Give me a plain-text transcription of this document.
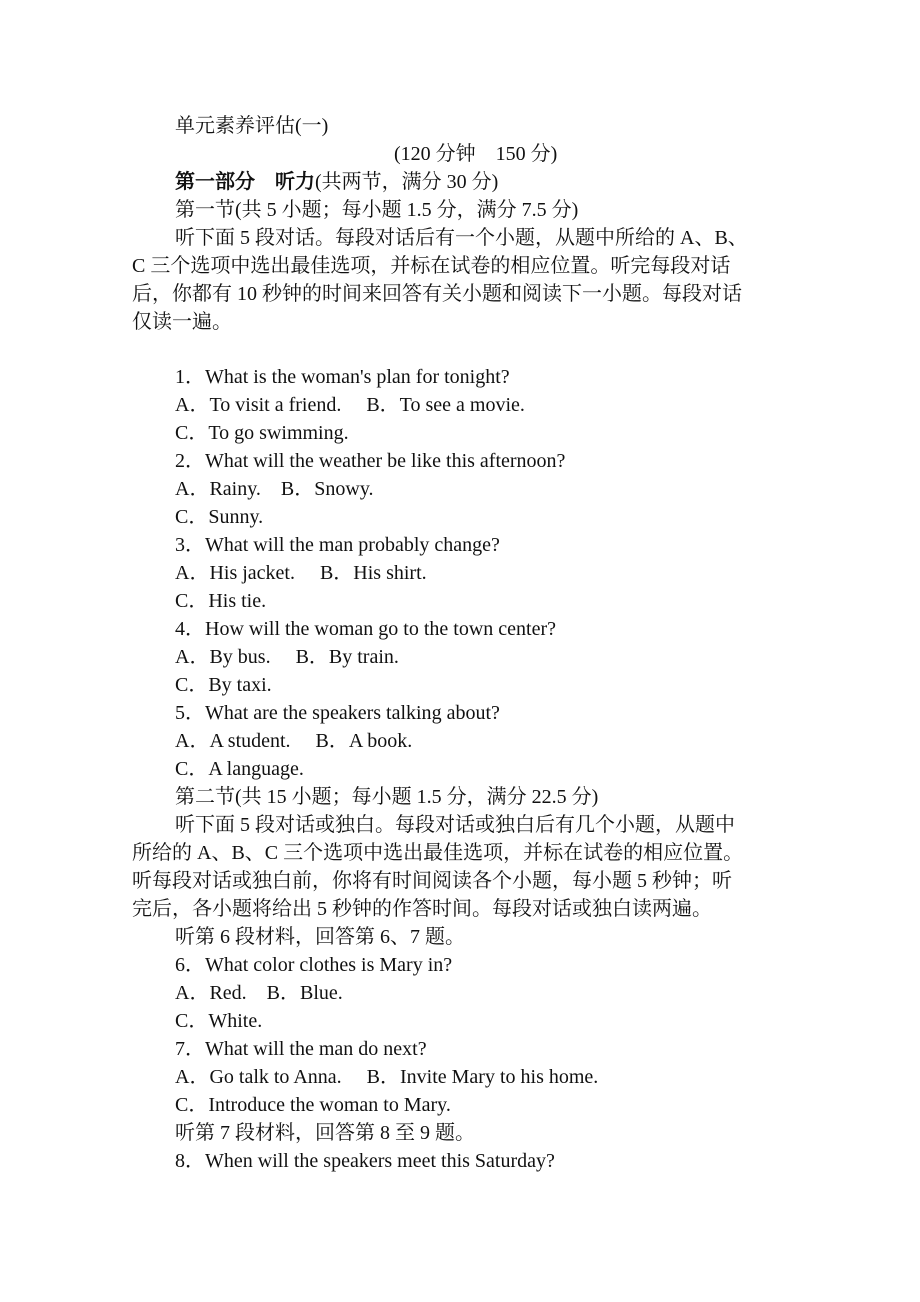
单元素养评估(一)
(120 分钟　150 分)
第一部分　听力(共两节，满分 30 分)
第一节(共 5 小题；每小题 1.5 分，满分 7.5 分)
听下面 5 段对话。每段对话后有一个小题，从题中所给的 A、B、
C 三个选项中选出最佳选项，并标在试卷的相应位置。听完每段对话
后，你都有 10 秒钟的时间来回答有关小题和阅读下一小题。每段对话
仅读一遍。
1．What is the woman's plan for tonight?
A．To visit a friend.　 B．To see a movie.
C．To go swimming.
2．What will the weather be like this afternoon?
A．Rainy.　B．Snowy.
C．Sunny.
3．What will the man probably change?
A．His jacket.　 B．His shirt.
C．His tie.
4．How will the woman go to the town center?
A．By bus.　 B．By train.
C．By taxi.
5．What are the speakers talking about?
A．A student.　 B．A book.
C．A language.
第二节(共 15 小题；每小题 1.5 分，满分 22.5 分)
听下面 5 段对话或独白。每段对话或独白后有几个小题，从题中
所给的 A、B、C 三个选项中选出最佳选项，并标在试卷的相应位置。
听每段对话或独白前，你将有时间阅读各个小题，每小题 5 秒钟；听
完后，各小题将给出 5 秒钟的作答时间。每段对话或独白读两遍。
听第 6 段材料，回答第 6、7 题。
6．What color clothes is Mary in?
A．Red.　B．Blue.
C．White.
7．What will the man do next?
A．Go talk to Anna.　 B．Invite Mary to his home.
C．Introduce the woman to Mary.
听第 7 段材料，回答第 8 至 9 题。
8．When will the speakers meet this Saturday?
